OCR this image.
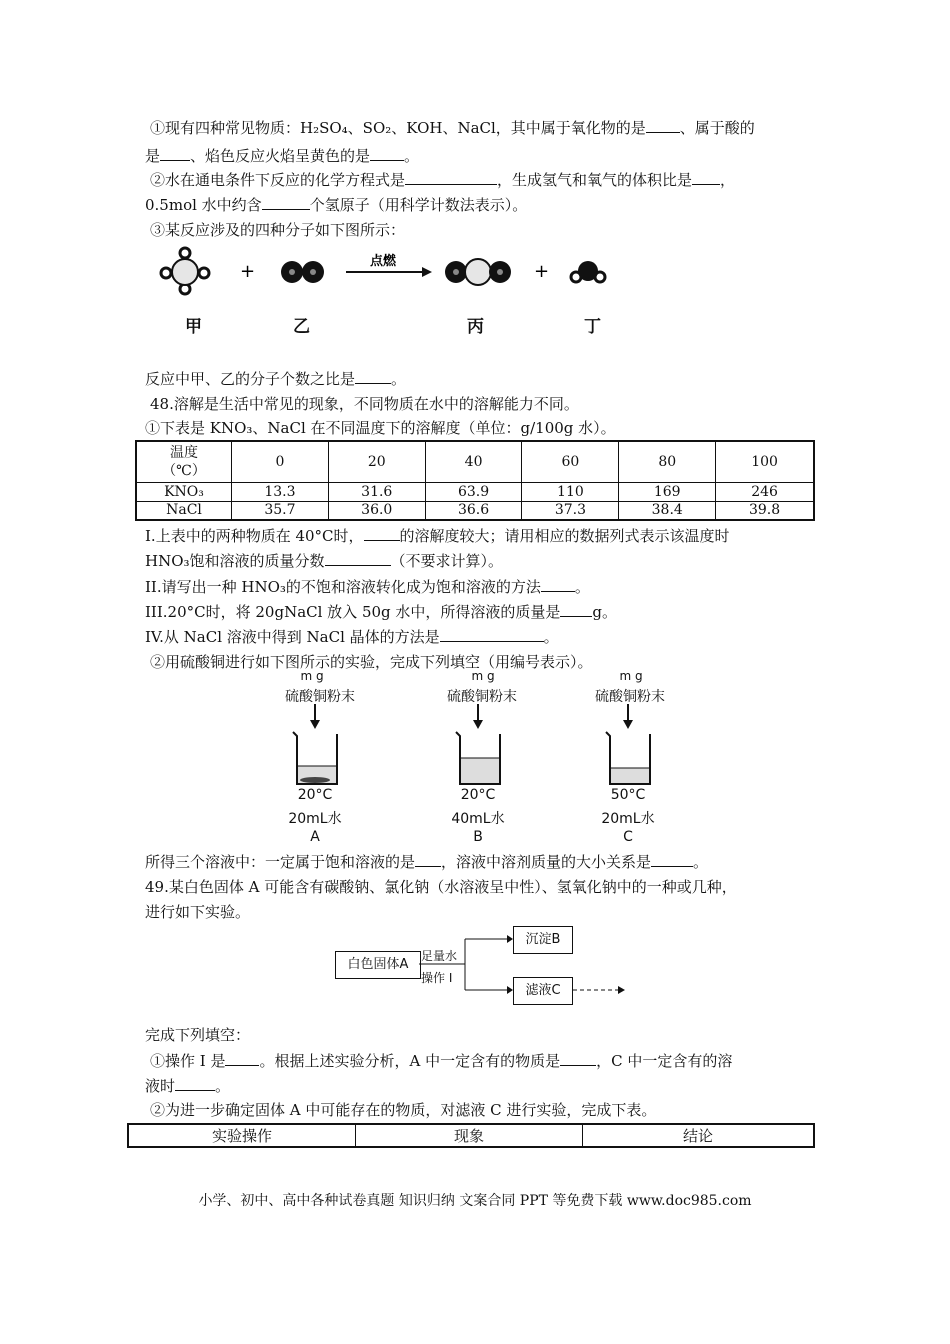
①现有四种常见物质：H₂SO₄、SO₂、KOH、NaCl，其中属于氧化物的是 、属于酸的
是 、焰色反应火焰呈黄色的是 。
②水在通电条件下反应的化学方程式是	，生成氢气和氧气的体积比是 ，
0.5mol 水中约含	个氢原子（用科学计数法表示）。
③某反应涉及的四种分子如下图所示：
+	点燃	+
甲	乙	丙	丁
反应中甲、乙的分子个数之比是 。
48.溶解是生活中常见的现象，不同物质在水中的溶解能力不同。
①下表是 KNO₃、NaCl 在不同温度下的溶解度（单位：g/100g 水）。
温度
（℃）	0	20	40	60	80	100
KNO₃	13.3	31.6	63.9	110	169	246
NaCl	35.7	36.0	36.6	37.3	38.4	39.8
I.上表中的两种物质在 40°C时， 的溶解度较大；请用相应的数据列式表示该温度时
HNO₃饱和溶液的质量分数	（不要求计算）。
II.请写出一种 HNO₃的不饱和溶液转化成为饱和溶液的方法 。
III.20°C时，将 20gNaCl 放入 50g 水中，所得溶液的质量是 g。
IV.从 NaCl 溶液中得到 NaCl 晶体的方法是	。
②用硫酸铜进行如下图所示的实验，完成下列填空（用编号表示）。
m g
硫酸铜粉末
20°C
20mL水
A
m g
硫酸铜粉末
20°C
40mL水
B
m g
硫酸铜粉末
50°C
20mL水
C
所得三个溶液中：一定属于饱和溶液的是 ，溶液中溶剂质量的大小关系是	。
49.某白色固体 A 可能含有碳酸钠、氯化钠（水溶液呈中性）、氢氧化钠中的一种或几种，
进行如下实验。
白色固体A
足量水
操作 I
沉淀B
滤液C
完成下列填空：
①操作 I 是 。根据上述实验分析，A 中一定含有的物质是 ，C 中一定含有的溶
液时	。
②为进一步确定固体 A 中可能存在的物质，对滤液 C 进行实验，完成下表。
实验操作	现象	结论
小学、初中、高中各种试卷真题 知识归纳 文案合同 PPT 等免费下载 www.doc985.com
